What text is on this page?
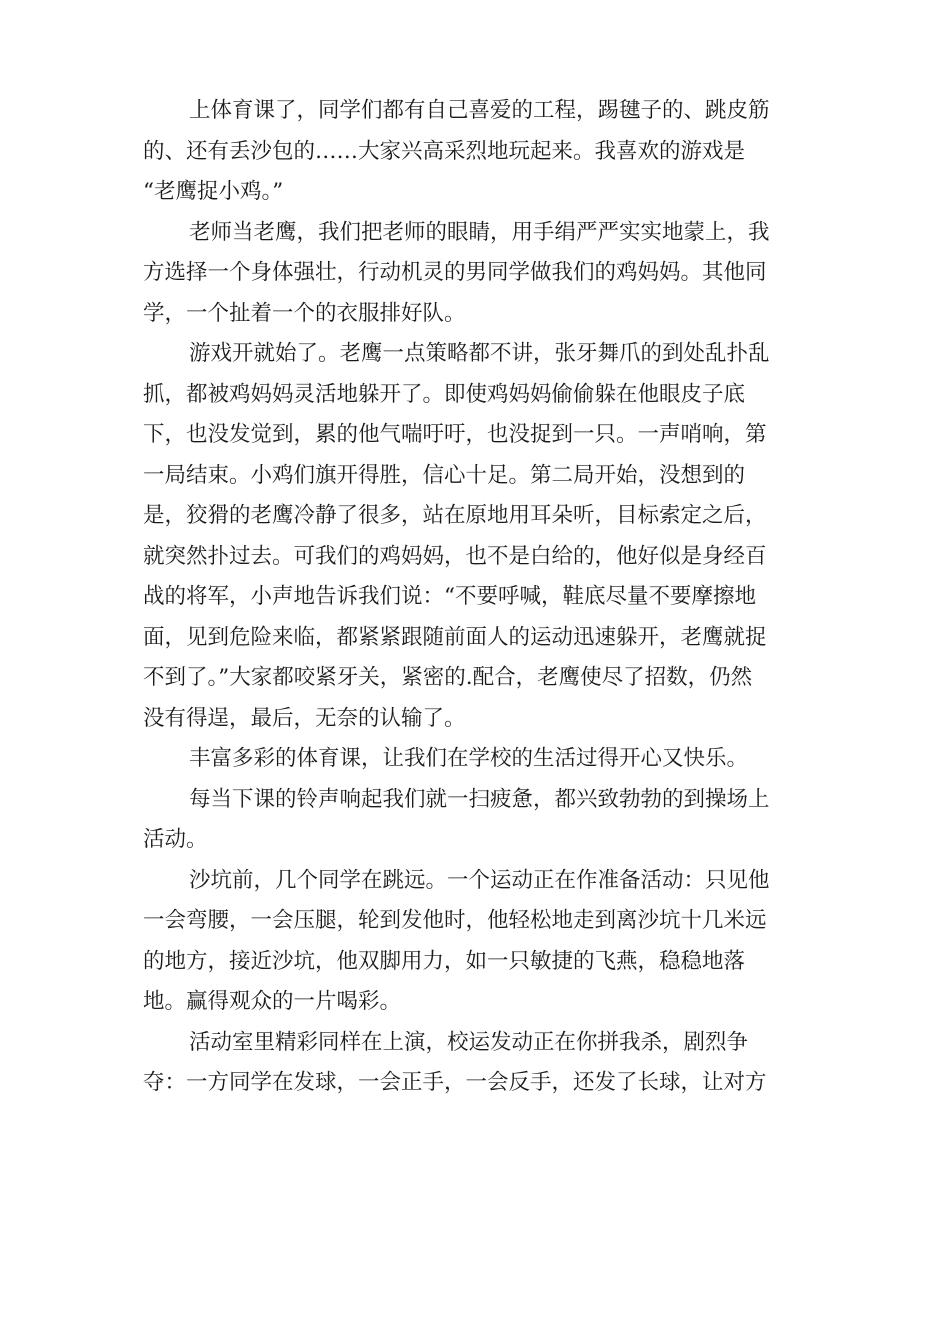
上体育课了，同学们都有自己喜爱的工程，踢毽子的、跳皮筋
的、还有丢沙包的……大家兴高采烈地玩起来。我喜欢的游戏是
“老鹰捉小鸡。”
老师当老鹰，我们把老师的眼睛，用手绢严严实实地蒙上，我
方选择一个身体强壮，行动机灵的男同学做我们的鸡妈妈。其他同
学，一个扯着一个的衣服排好队。
游戏开就始了。老鹰一点策略都不讲，张牙舞爪的到处乱扑乱
抓，都被鸡妈妈灵活地躲开了。即使鸡妈妈偷偷躲在他眼皮子底
下，也没发觉到，累的他气喘吁吁，也没捉到一只。一声哨响，第
一局结束。小鸡们旗开得胜，信心十足。第二局开始，没想到的
是，狡猾的老鹰冷静了很多，站在原地用耳朵听，目标索定之后，
就突然扑过去。可我们的鸡妈妈，也不是白给的，他好似是身经百
战的将军，小声地告诉我们说：“不要呼喊，鞋底尽量不要摩擦地
面，见到危险来临，都紧紧跟随前面人的运动迅速躲开，老鹰就捉
不到了。”大家都咬紧牙关，紧密的.配合，老鹰使尽了招数，仍然
没有得逞，最后，无奈的认输了。
丰富多彩的体育课，让我们在学校的生活过得开心又快乐。
每当下课的铃声响起我们就一扫疲惫，都兴致勃勃的到操场上
活动。
沙坑前，几个同学在跳远。一个运动正在作准备活动：只见他
一会弯腰，一会压腿，轮到发他时，他轻松地走到离沙坑十几米远
的地方，接近沙坑，他双脚用力，如一只敏捷的飞燕，稳稳地落
地。赢得观众的一片喝彩。
活动室里精彩同样在上演，校运发动正在你拼我杀，剧烈争
夺：一方同学在发球，一会正手，一会反手，还发了长球，让对方
